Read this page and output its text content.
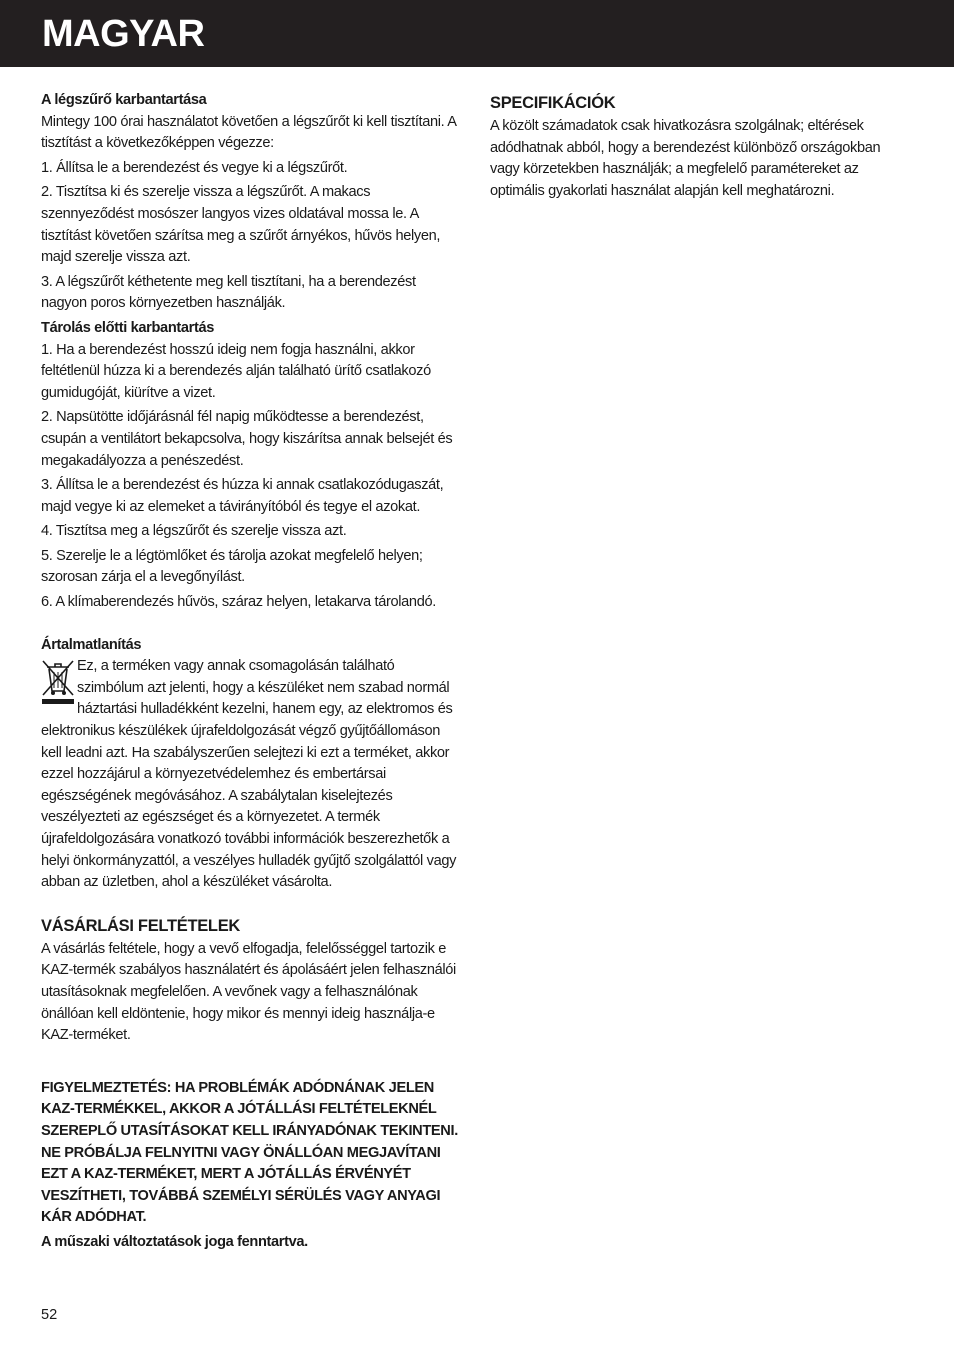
MAGYAR

A légszűrő karbantartása

Mintegy 100 órai használatot követően a légszűrőt ki kell tisztítani. A tisztítást a következőképpen végezze:

1. Állítsa le a berendezést és vegye ki a légszűrőt.

2. Tisztítsa ki és szerelje vissza a légszűrőt. A makacs szennyeződést mosószer langyos vizes oldatával mossa le. A tisztítást követően szárítsa meg a szűrőt árnyékos, hűvös helyen, majd szerelje vissza azt.

3. A légszűrőt kéthetente meg kell tisztítani, ha a berendezést nagyon poros környezetben használják.

Tárolás előtti karbantartás

1. Ha a berendezést hosszú ideig nem fogja használni, akkor feltétlenül húzza ki a berendezés alján található ürítő csatlakozó gumidugóját, kiürítve a vizet.

2. Napsütötte időjárásnál fél napig működtesse a berendezést, csupán a ventilátort bekapcsolva, hogy kiszárítsa annak belsejét és megakadályozza a penészedést.

3. Állítsa le a berendezést és húzza ki annak csatlakozódugaszát, majd vegye ki az elemeket a távirányítóból és tegye el azokat.

4. Tisztítsa meg a légszűrőt és szerelje vissza azt.

5. Szerelje le a légtömlőket és tárolja azokat megfelelő helyen; szorosan zárja el a levegőnyílást.

6. A klímaberendezés hűvös, száraz helyen, letakarva tárolandó.

Ártalmatlanítás

Ez, a terméken vagy annak csomagolásán található szimbólum azt jelenti, hogy a készüléket nem szabad normál háztartási hulladékként kezelni, hanem egy, az elektromos és elektronikus készülékek újrafeldolgozását végző gyűjtőállomáson kell leadni azt. Ha szabályszerűen selejtezi ki ezt a terméket, akkor ezzel hozzájárul a környezetvédelemhez és embertársai egészségének megóvásához. A szabálytalan kiselejtezés veszélyezteti az egészséget és a környezetet. A termék újrafeldolgozására vonatkozó további információk beszerezhetők a helyi önkormányzattól, a veszélyes hulladék gyűjtő szolgálattól vagy abban az üzletben, ahol a készüléket vásárolta.

VÁSÁRLÁSI FELTÉTELEK

A vásárlás feltétele, hogy a vevő elfogadja, felelősséggel tartozik e KAZ-termék szabályos használatért és ápolásáért jelen felhasználói utasításoknak megfelelően. A vevőnek vagy a felhasználónak önállóan kell eldöntenie, hogy mikor és mennyi ideig használja-e KAZ-terméket.

FIGYELMEZTETÉS: HA PROBLÉMÁK ADÓDNÁNAK JELEN KAZ-TERMÉKKEL, AKKOR A JÓTÁLLÁSI FELTÉTELEKNÉL SZEREPLŐ UTASÍTÁSOKAT KELL IRÁNYADÓNAK TEKINTENI.

NE PRÓBÁLJA FELNYITNI VAGY ÖNÁLLÓAN MEGJAVÍTANI EZT A KAZ-TERMÉKET, MERT A JÓTÁLLÁS ÉRVÉNYÉT VESZÍTHETI, TOVÁBBÁ SZEMÉLYI SÉRÜLÉS VAGY ANYAGI KÁR ADÓDHAT.

A műszaki változtatások joga fenntartva.

SPECIFIKÁCIÓK

A közölt számadatok csak hivatkozásra szolgálnak; eltérések adódhatnak abból, hogy a berendezést különböző országokban vagy körzetekben használják; a megfelelő paramétereket az optimális gyakorlati használat alapján kell meghatározni.

52
